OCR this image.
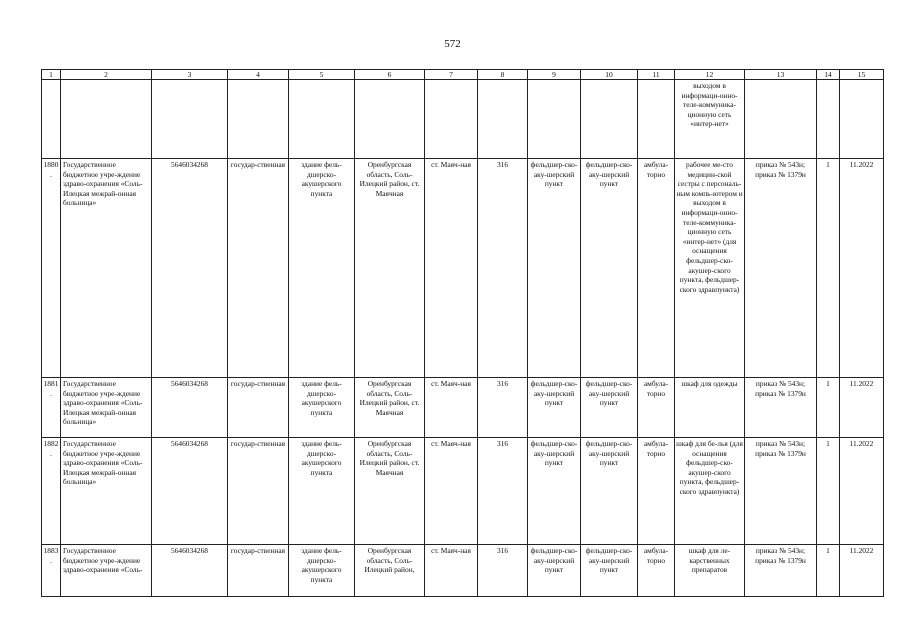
572
1	2	3	4	5	6	7	8	9	10	11	12	13	14	15
											выходом в информаци-онно-теле-коммуника-ционную сеть «интер-нет»			
1880.	Государственное бюджетное учре-ждение здраво-охранения «Соль-Илецкая межрай-онная больница»	5646034268	государ-ственная	здание фель-дшерско-акушерского пункта	Оренбургская область, Соль-Илецкий район, ст. Маячная	ст. Маяч-ная	316	фельдшер-ско-аку-шерский пункт	фельдшер-ско-аку-шерский пункт	амбула-торно	рабочее ме-сто медицин-ской сестры с персональ-ным компь-ютером и выходом в информаци-онно-теле-коммуника-ционную сеть «интер-нет» (для оснащения фельдшер-ско-акушер-ского пункта, фельдшер-ского здравпункта)	приказ № 543н; приказ № 1379н	1	11.2022
1881.	Государственное бюджетное учре-ждение здраво-охранения «Соль-Илецкая межрай-онная больница»	5646034268	государ-ственная	здание фель-дшерско-акушерского пункта	Оренбургская область, Соль-Илецкий район, ст. Маячная	ст. Маяч-ная	316	фельдшер-ско-аку-шерский пункт	фельдшер-ско-аку-шерский пункт	амбула-торно	шкаф для одежды	приказ № 543н; приказ № 1379н	1	11.2022
1882.	Государственное бюджетное учре-ждение здраво-охранения «Соль-Илецкая межрай-онная больница»	5646034268	государ-ственная	здание фель-дшерско-акушерского пункта	Оренбургская область, Соль-Илецкий район, ст. Маячная	ст. Маяч-ная	316	фельдшер-ско-аку-шерский пункт	фельдшер-ско-аку-шерский пункт	амбула-торно	шкаф для бе-лья (для оснащения фельдшер-ско-акушер-ского пункта, фельдшер-ского здравпункта)	приказ № 543н; приказ № 1379н	1	11.2022
1883.	Государственное бюджетное учре-ждение здраво-охранения «Соль-	5646034268	государ-ственная	здание фель-дшерско-акушерского пункта	Оренбургская область, Соль-Илецкий район,	ст. Маяч-ная	316	фельдшер-ско-аку-шерский пункт	фельдшер-ско-аку-шерский пункт	амбула-торно	шкаф для ле-карственных препаратов	приказ № 543н; приказ № 1379н	1	11.2022
